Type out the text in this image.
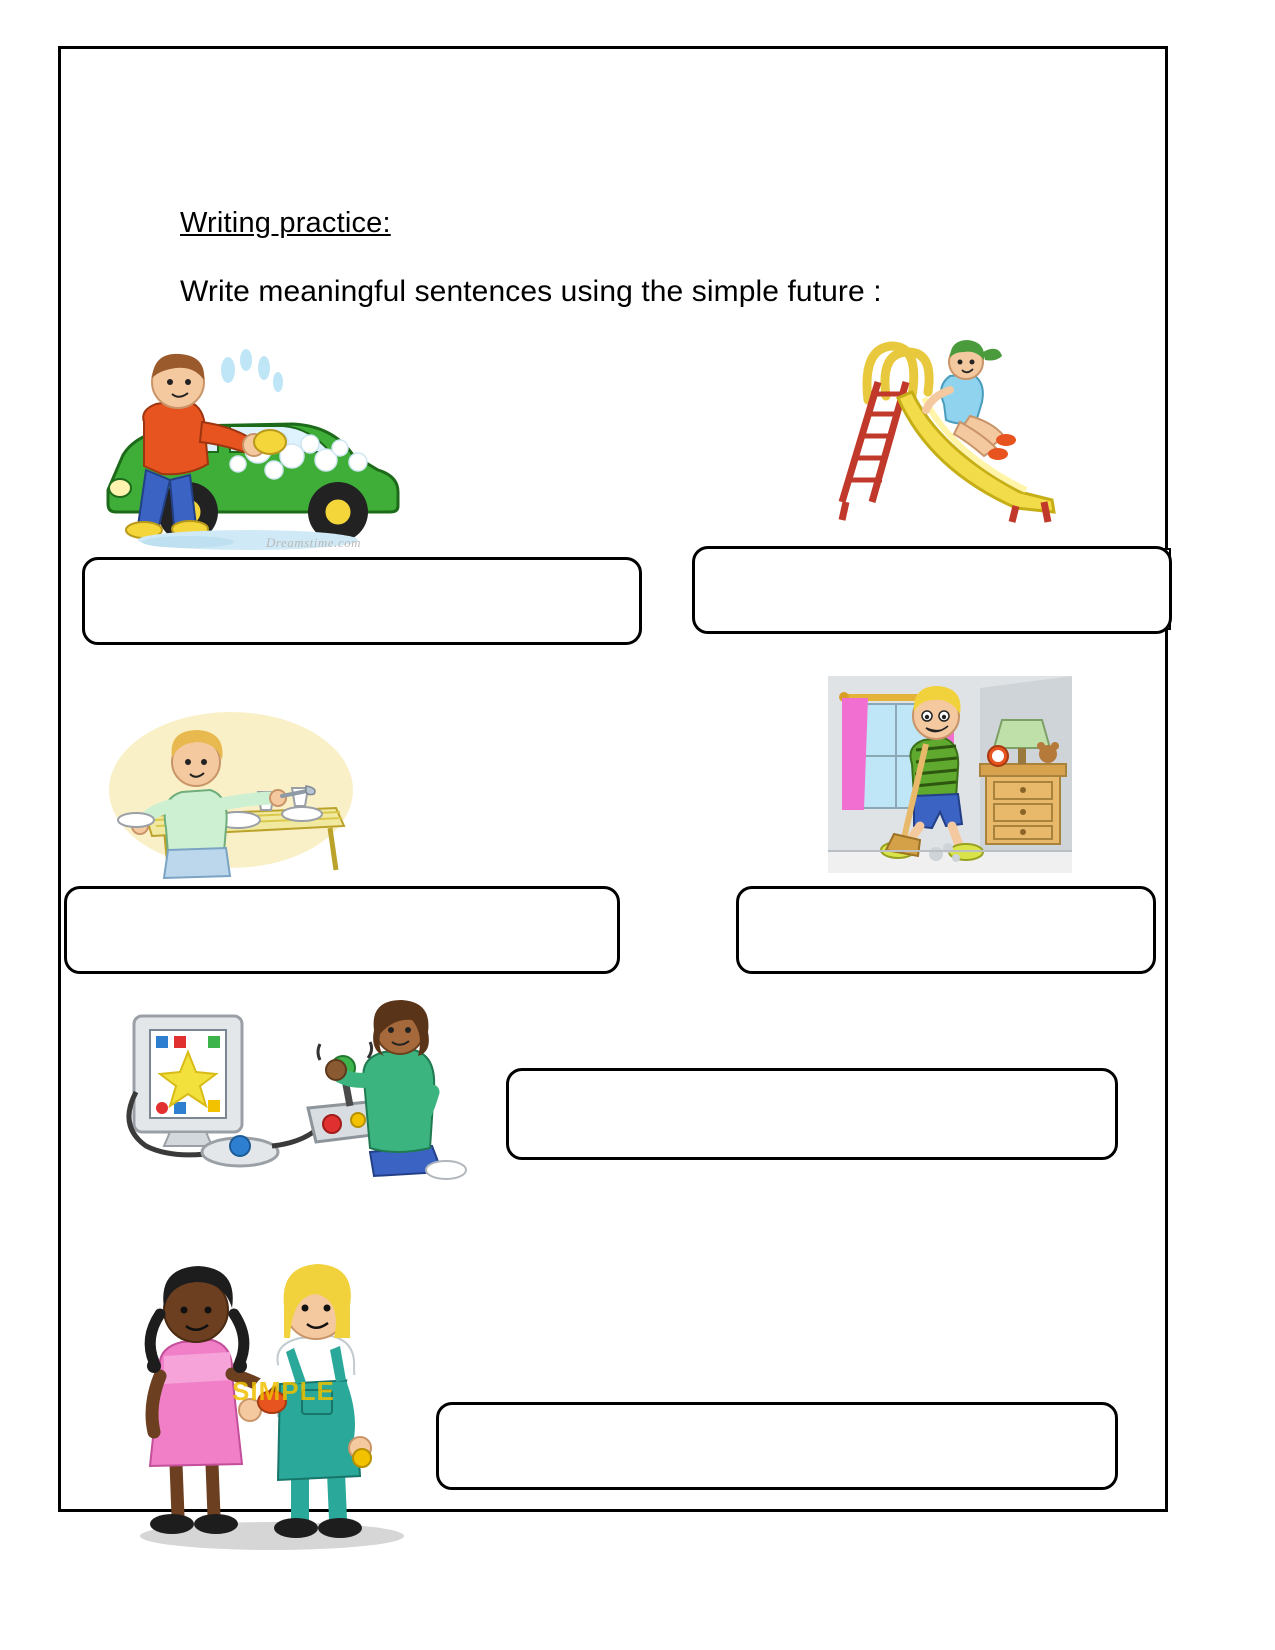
Writing practice:
Write meaningful sentences using the simple future :
Dreamstime.com
SIMPLE
